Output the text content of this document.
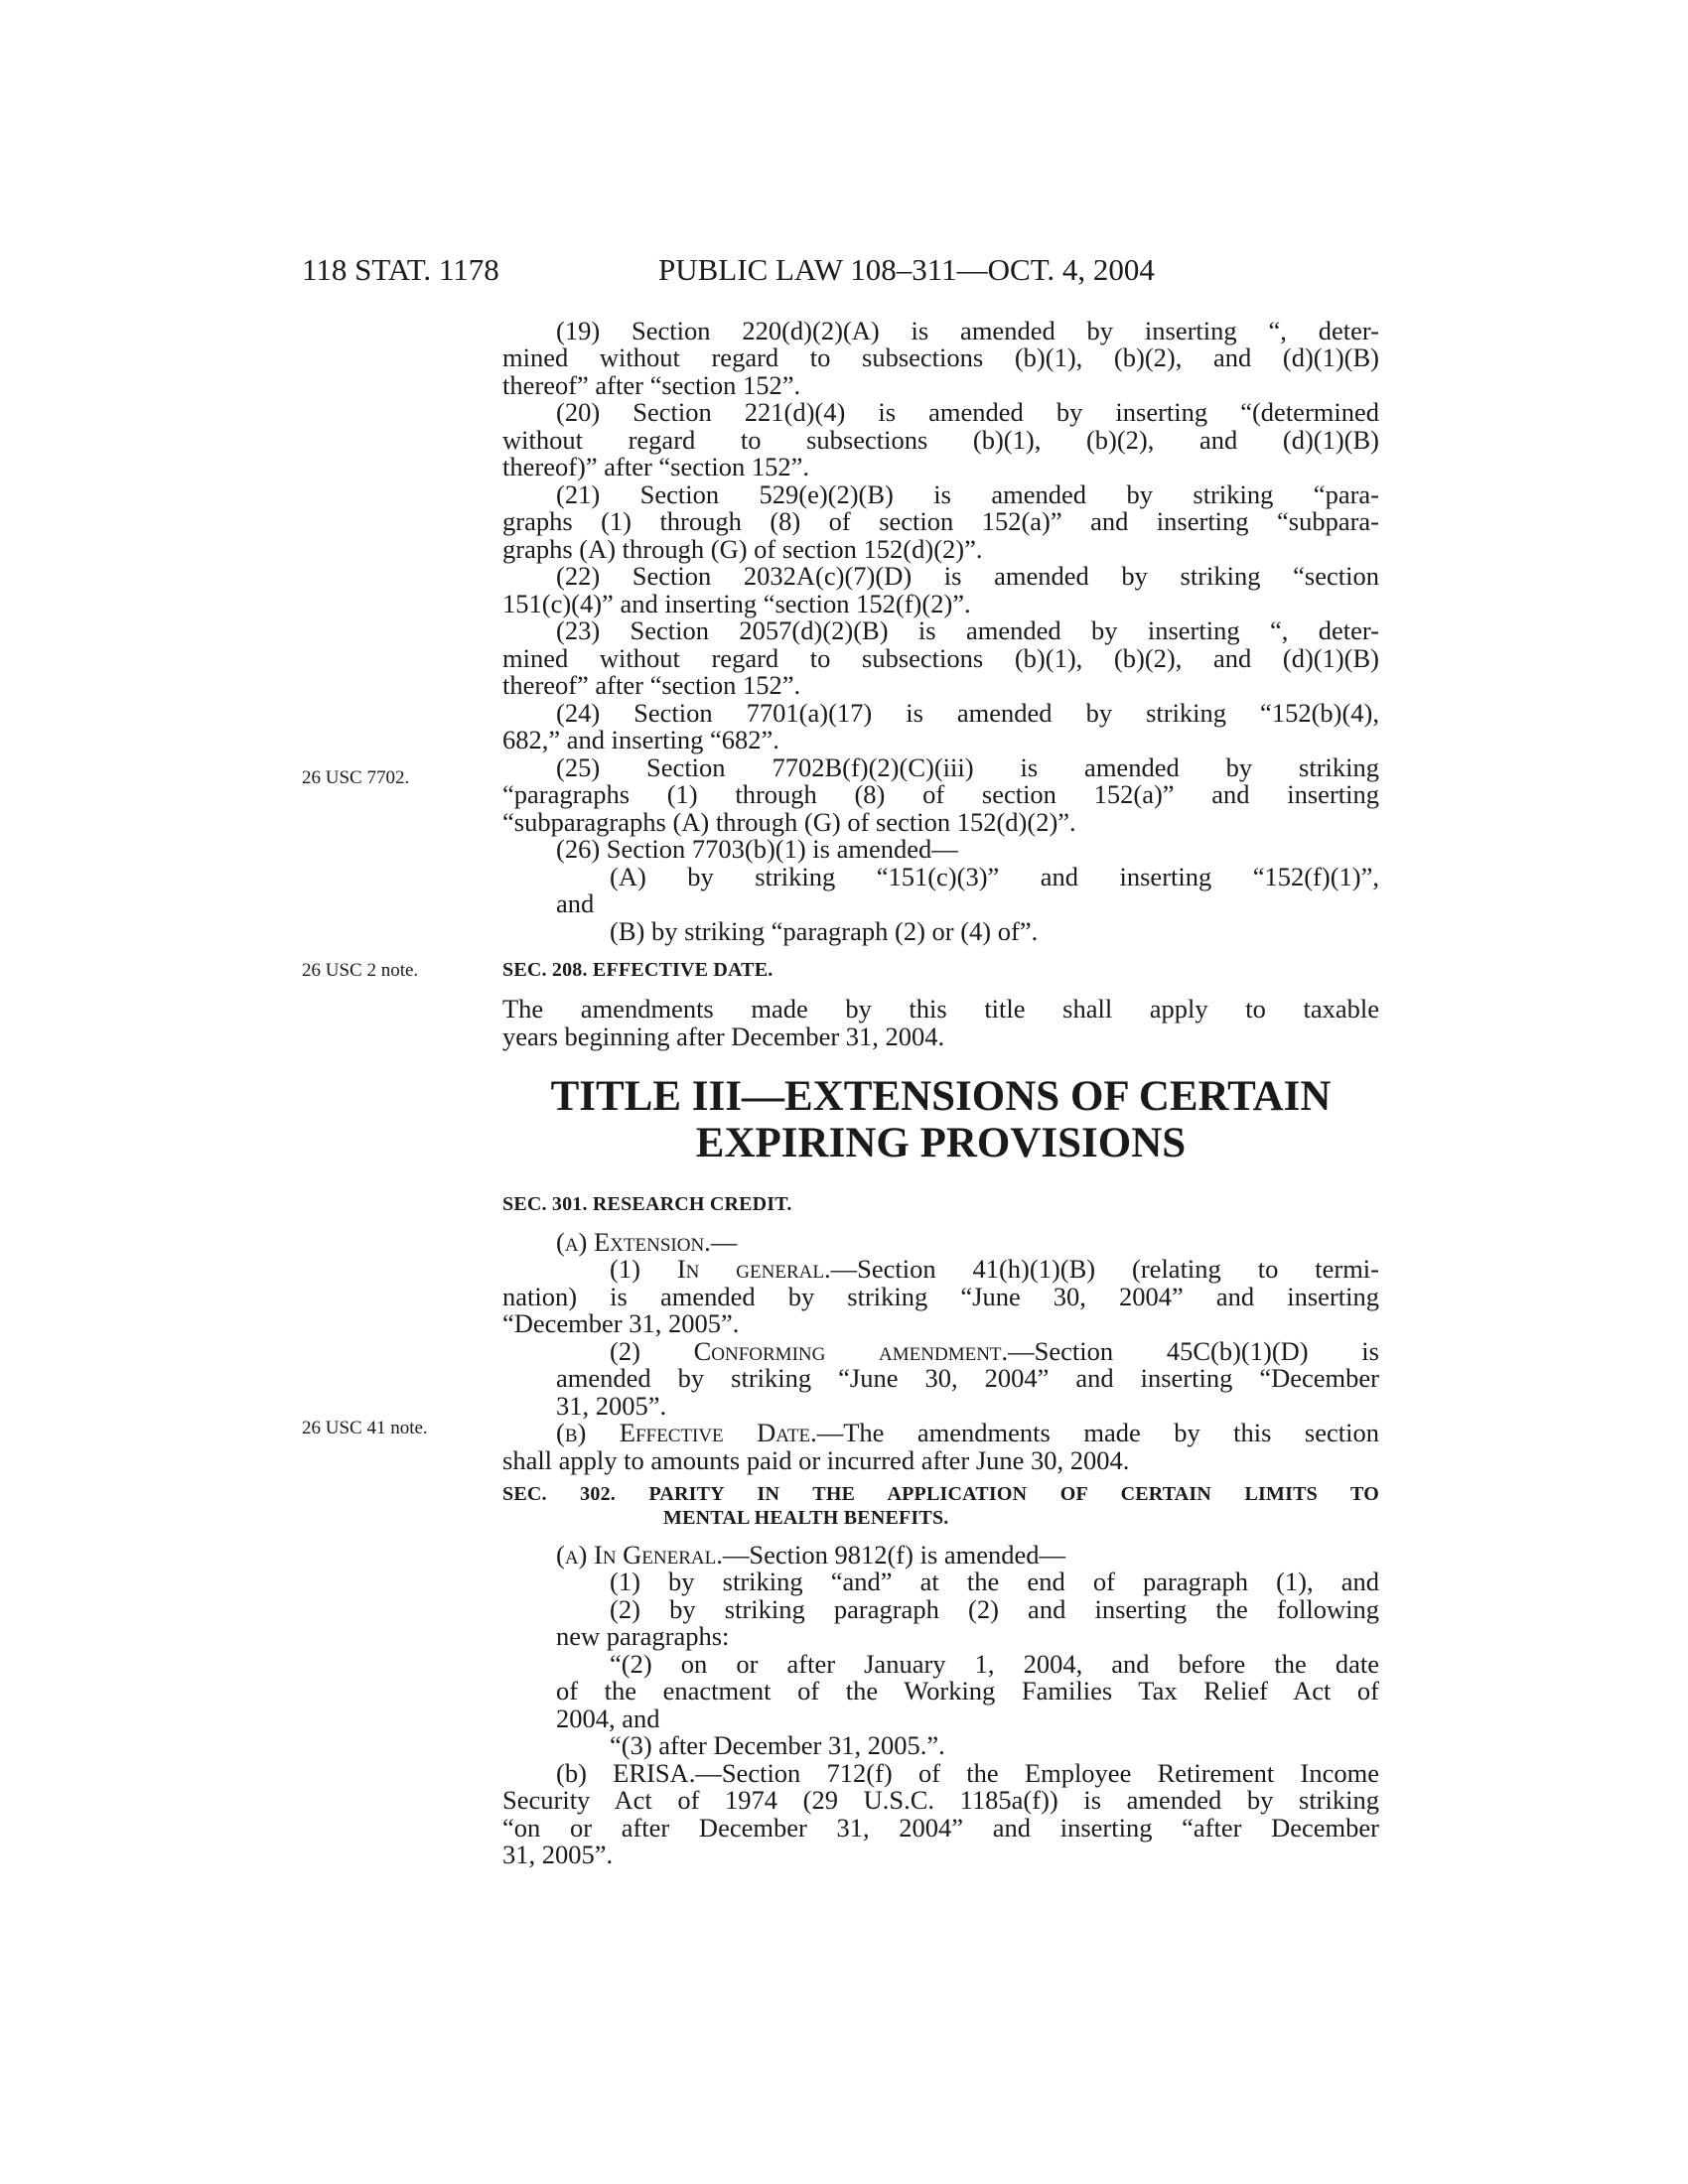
118 STAT. 1178	PUBLIC LAW 108–311—OCT. 4, 2004
26 USC 7702.
26 USC 2 note.
26 USC 41 note.
(19) Section 220(d)(2)(A) is amended by inserting “, deter-
mined without regard to subsections (b)(1), (b)(2), and (d)(1)(B)
thereof” after “section 152”.
(20) Section 221(d)(4) is amended by inserting “(determined
without regard to subsections (b)(1), (b)(2), and (d)(1)(B)
thereof)” after “section 152”.
(21) Section 529(e)(2)(B) is amended by striking “para-
graphs (1) through (8) of section 152(a)” and inserting “subpara-
graphs (A) through (G) of section 152(d)(2)”.
(22) Section 2032A(c)(7)(D) is amended by striking “section
151(c)(4)” and inserting “section 152(f)(2)”.
(23) Section 2057(d)(2)(B) is amended by inserting “, deter-
mined without regard to subsections (b)(1), (b)(2), and (d)(1)(B)
thereof” after “section 152”.
(24) Section 7701(a)(17) is amended by striking “152(b)(4),
682,” and inserting “682”.
(25) Section 7702B(f)(2)(C)(iii) is amended by striking
“paragraphs (1) through (8) of section 152(a)” and inserting
“subparagraphs (A) through (G) of section 152(d)(2)”.
(26) Section 7703(b)(1) is amended—
(A) by striking “151(c)(3)” and inserting “152(f)(1)”,
and
(B) by striking “paragraph (2) or (4) of”.
SEC. 208. EFFECTIVE DATE.
The amendments made by this title shall apply to taxable
years beginning after December 31, 2004.
TITLE III—EXTENSIONS OF CERTAIN
EXPIRING PROVISIONS
SEC. 301. RESEARCH CREDIT.
(a) Extension.—
(1) In general.—Section 41(h)(1)(B) (relating to termi-
nation) is amended by striking “June 30, 2004” and inserting
“December 31, 2005”.
(2) Conforming amendment.—Section 45C(b)(1)(D) is
amended by striking “June 30, 2004” and inserting “December
31, 2005”.
(b) Effective Date.—The amendments made by this section
shall apply to amounts paid or incurred after June 30, 2004.
SEC. 302. PARITY IN THE APPLICATION OF CERTAIN LIMITS TO
MENTAL HEALTH BENEFITS.
(a) In General.—Section 9812(f) is amended—
(1) by striking “and” at the end of paragraph (1), and
(2) by striking paragraph (2) and inserting the following
new paragraphs:
“(2) on or after January 1, 2004, and before the date
of the enactment of the Working Families Tax Relief Act of
2004, and
“(3) after December 31, 2005.”.
(b) ERISA.—Section 712(f) of the Employee Retirement Income
Security Act of 1974 (29 U.S.C. 1185a(f)) is amended by striking
“on or after December 31, 2004” and inserting “after December
31, 2005”.
